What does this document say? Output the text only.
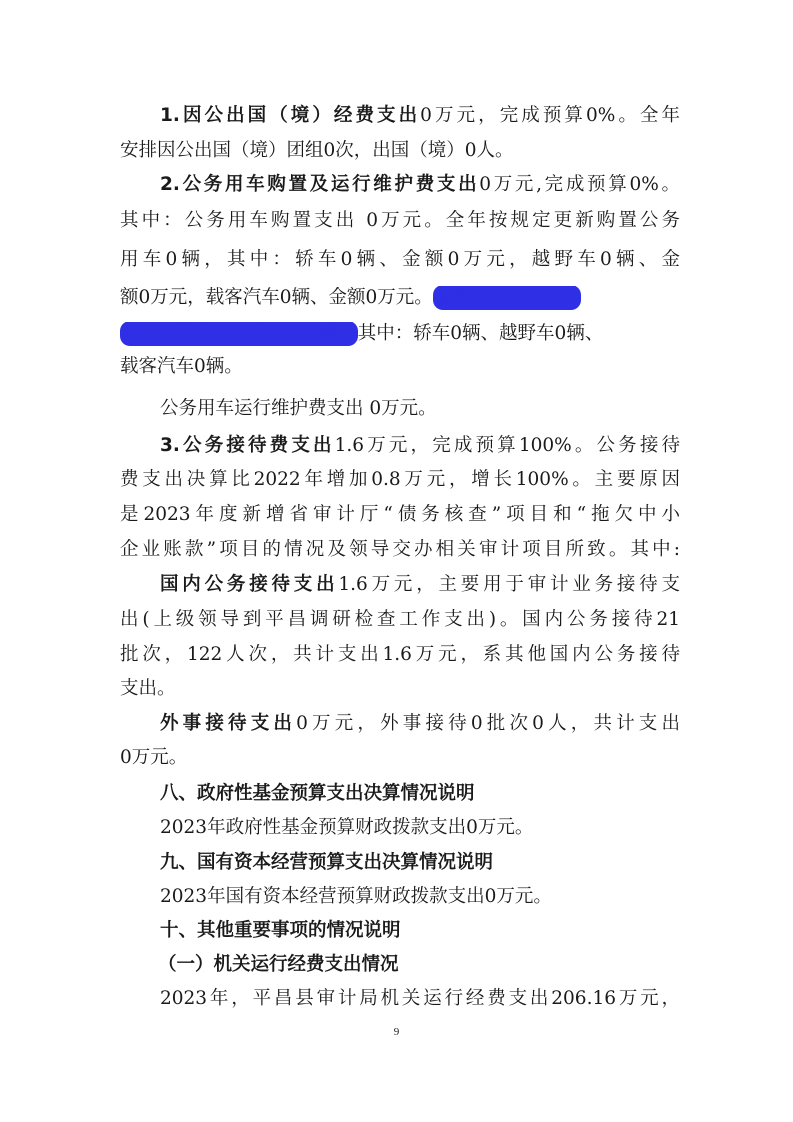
1.因公出国（境）经费支出0万元，完成预算0%。全年
安排因公出国（境）团组0次，出国（境）0人。
2.公务用车购置及运行维护费支出0万元,完成预算0%。
其中：公务用车购置支出 0万元。全年按规定更新购置公务
用车0辆，其中：轿车0辆、金额0万元，越野车0辆、金
额0万元，载客汽车0辆、金额0万元。 截至2023年12月
底，单位共有公务用车0辆， 其中：轿车0辆、越野车0辆、
载客汽车0辆。
公务用车运行维护费支出 0万元。
3.公务接待费支出1.6万元，完成预算100%。公务接待
费支出决算比2022年增加0.8万元，增长100%。主要原因
是2023年度新增省审计厅“债务核查”项目和“拖欠中小
企业账款”项目的情况及领导交办相关审计项目所致。其中:
国内公务接待支出1.6万元，主要用于审计业务接待支
出(上级领导到平昌调研检查工作支出)。国内公务接待21
批次，122人次，共计支出1.6万元，系其他国内公务接待
支出。
外事接待支出0万元，外事接待0批次0人，共计支出
0万元。
八、政府性基金预算支出决算情况说明
2023年政府性基金预算财政拨款支出0万元。
九、国有资本经营预算支出决算情况说明
2023年国有资本经营预算财政拨款支出0万元。
十、其他重要事项的情况说明
（一）机关运行经费支出情况
2023年，平昌县审计局机关运行经费支出206.16万元，
9
